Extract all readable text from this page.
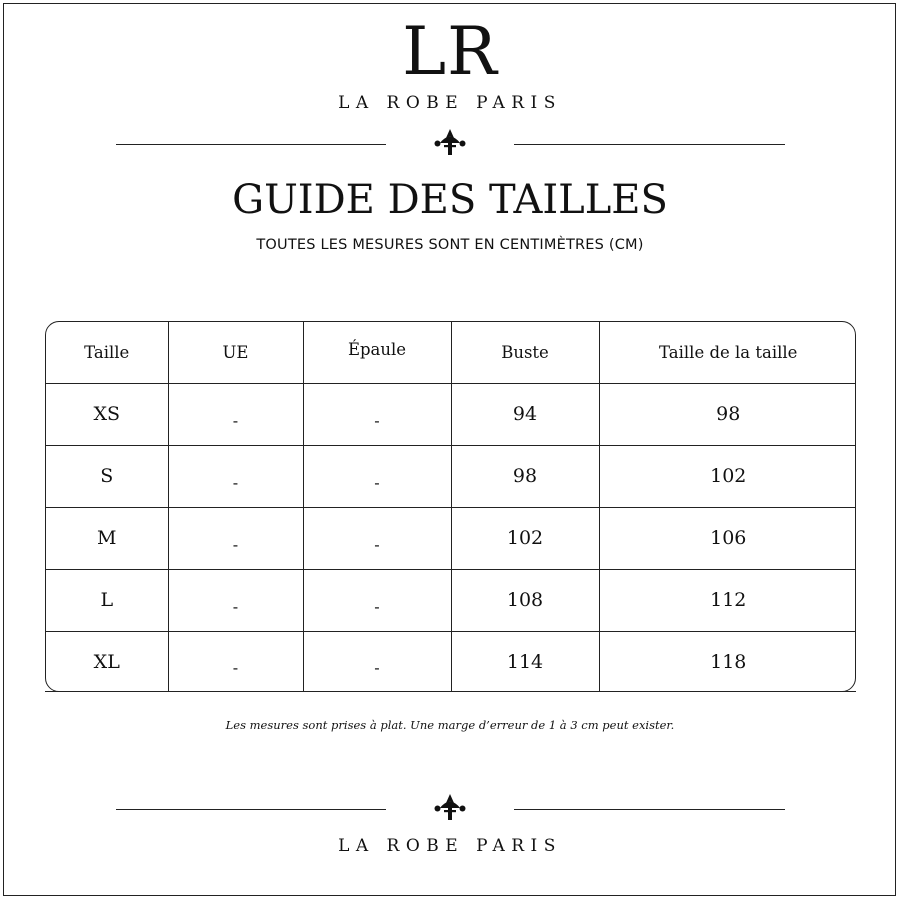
LR
LA ROBE PARIS
GUIDE DES TAILLES
TOUTES LES MESURES SONT EN CENTIMÈTRES (CM)
Taille	UE	Épaule	Buste	Taille de la taille
XS	-	-	94	98
S	-	-	98	102
M	-	-	102	106
L	-	-	108	112
XL	-	-	114	118
Les mesures sont prises à plat. Une marge d’erreur de 1 à 3 cm peut exister.
LA ROBE PARIS
